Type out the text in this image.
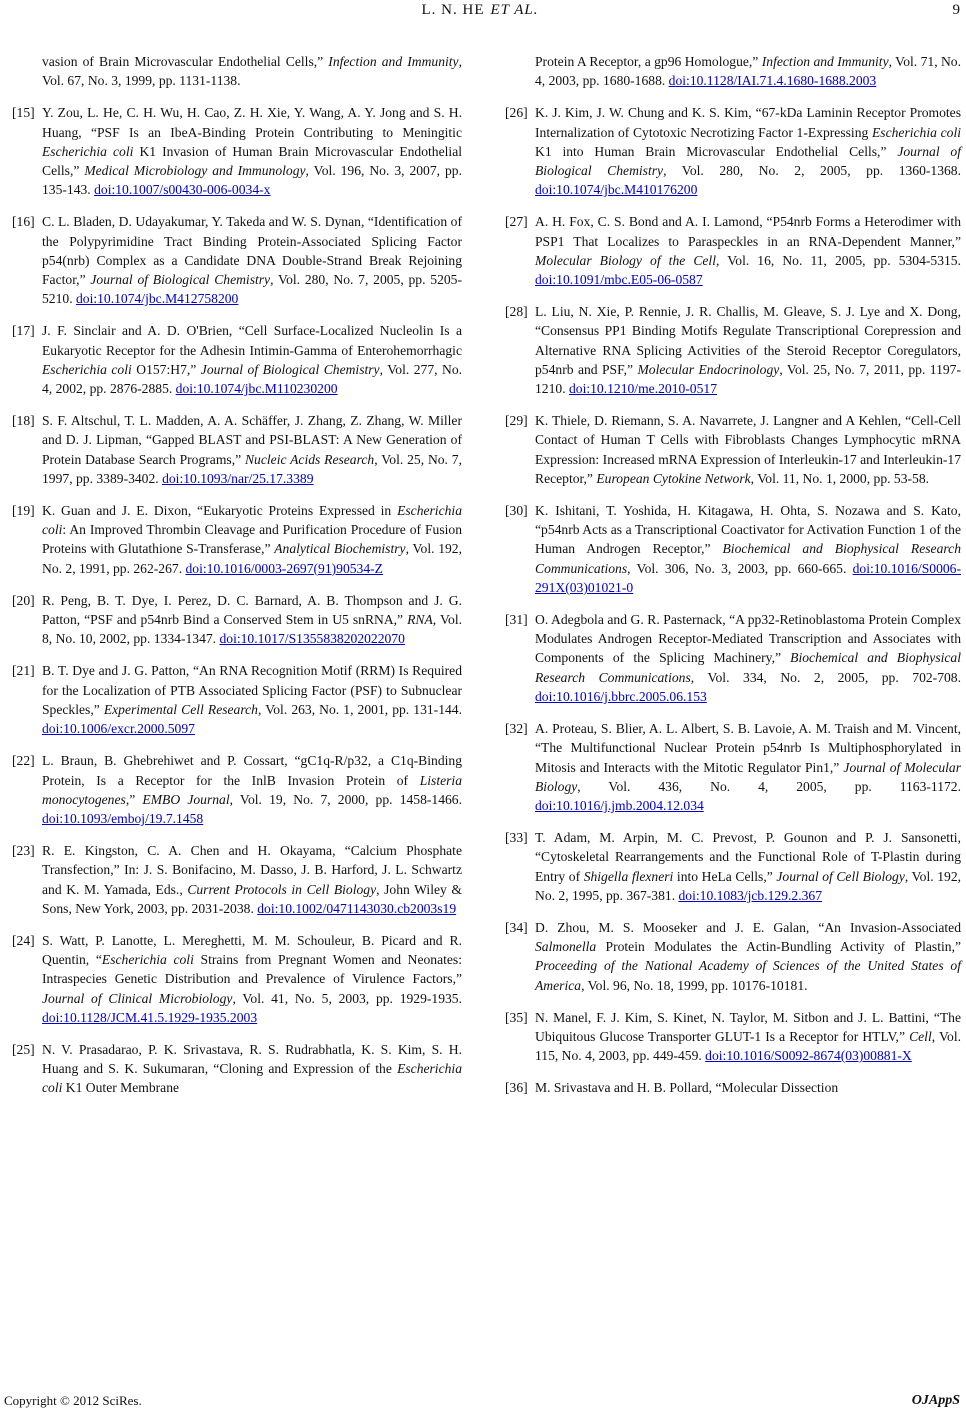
L. N. HE ET AL.	9
vasion of Brain Microvascular Endothelial Cells,” Infection and Immunity, Vol. 67, No. 3, 1999, pp. 1131-1138.
[15] Y. Zou, L. He, C. H. Wu, H. Cao, Z. H. Xie, Y. Wang, A. Y. Jong and S. H. Huang, “PSF Is an IbeA-Binding Protein Contributing to Meningitic Escherichia coli K1 Invasion of Human Brain Microvascular Endothelial Cells,” Medical Microbiology and Immunology, Vol. 196, No. 3, 2007, pp. 135-143. doi:10.1007/s00430-006-0034-x
[16] C. L. Bladen, D. Udayakumar, Y. Takeda and W. S. Dynan, “Identification of the Polypyrimidine Tract Binding Protein-Associated Splicing Factor p54(nrb) Complex as a Candidate DNA Double-Strand Break Rejoining Factor,” Journal of Biological Chemistry, Vol. 280, No. 7, 2005, pp. 5205-5210. doi:10.1074/jbc.M412758200
[17] J. F. Sinclair and A. D. O'Brien, “Cell Surface-Localized Nucleolin Is a Eukaryotic Receptor for the Adhesin Intimin-Gamma of Enterohemorrhagic Escherichia coli O157:H7,” Journal of Biological Chemistry, Vol. 277, No. 4, 2002, pp. 2876-2885. doi:10.1074/jbc.M110230200
[18] S. F. Altschul, T. L. Madden, A. A. Schäffer, J. Zhang, Z. Zhang, W. Miller and D. J. Lipman, “Gapped BLAST and PSI-BLAST: A New Generation of Protein Database Search Programs,” Nucleic Acids Research, Vol. 25, No. 7, 1997, pp. 3389-3402. doi:10.1093/nar/25.17.3389
[19] K. Guan and J. E. Dixon, “Eukaryotic Proteins Expressed in Escherichia coli: An Improved Thrombin Cleavage and Purification Procedure of Fusion Proteins with Glutathione S-Transferase,” Analytical Biochemistry, Vol. 192, No. 2, 1991, pp. 262-267. doi:10.1016/0003-2697(91)90534-Z
[20] R. Peng, B. T. Dye, I. Perez, D. C. Barnard, A. B. Thompson and J. G. Patton, “PSF and p54nrb Bind a Conserved Stem in U5 snRNA,” RNA, Vol. 8, No. 10, 2002, pp. 1334-1347. doi:10.1017/S1355838202022070
[21] B. T. Dye and J. G. Patton, “An RNA Recognition Motif (RRM) Is Required for the Localization of PTB Associated Splicing Factor (PSF) to Subnuclear Speckles,” Experimental Cell Research, Vol. 263, No. 1, 2001, pp. 131-144. doi:10.1006/excr.2000.5097
[22] L. Braun, B. Ghebrehiwet and P. Cossart, “gC1q-R/p32, a C1q-Binding Protein, Is a Receptor for the InlB Invasion Protein of Listeria monocytogenes,” EMBO Journal, Vol. 19, No. 7, 2000, pp. 1458-1466. doi:10.1093/emboj/19.7.1458
[23] R. E. Kingston, C. A. Chen and H. Okayama, “Calcium Phosphate Transfection,” In: J. S. Bonifacino, M. Dasso, J. B. Harford, J. L. Schwartz and K. M. Yamada, Eds., Current Protocols in Cell Biology, John Wiley & Sons, New York, 2003, pp. 2031-2038. doi:10.1002/0471143030.cb2003s19
[24] S. Watt, P. Lanotte, L. Mereghetti, M. M. Schouleur, B. Picard and R. Quentin, “Escherichia coli Strains from Pregnant Women and Neonates: Intraspecies Genetic Distribution and Prevalence of Virulence Factors,” Journal of Clinical Microbiology, Vol. 41, No. 5, 2003, pp. 1929-1935. doi:10.1128/JCM.41.5.1929-1935.2003
[25] N. V. Prasadarao, P. K. Srivastava, R. S. Rudrabhatla, K. S. Kim, S. H. Huang and S. K. Sukumaran, “Cloning and Expression of the Escherichia coli K1 Outer Membrane
Protein A Receptor, a gp96 Homologue,” Infection and Immunity, Vol. 71, No. 4, 2003, pp. 1680-1688. doi:10.1128/IAI.71.4.1680-1688.2003
[26] K. J. Kim, J. W. Chung and K. S. Kim, “67-kDa Laminin Receptor Promotes Internalization of Cytotoxic Necrotizing Factor 1-Expressing Escherichia coli K1 into Human Brain Microvascular Endothelial Cells,” Journal of Biological Chemistry, Vol. 280, No. 2, 2005, pp. 1360-1368. doi:10.1074/jbc.M410176200
[27] A. H. Fox, C. S. Bond and A. I. Lamond, “P54nrb Forms a Heterodimer with PSP1 That Localizes to Paraspeckles in an RNA-Dependent Manner,” Molecular Biology of the Cell, Vol. 16, No. 11, 2005, pp. 5304-5315. doi:10.1091/mbc.E05-06-0587
[28] L. Liu, N. Xie, P. Rennie, J. R. Challis, M. Gleave, S. J. Lye and X. Dong, “Consensus PP1 Binding Motifs Regulate Transcriptional Corepression and Alternative RNA Splicing Activities of the Steroid Receptor Coregulators, p54nrb and PSF,” Molecular Endocrinology, Vol. 25, No. 7, 2011, pp. 1197-1210. doi:10.1210/me.2010-0517
[29] K. Thiele, D. Riemann, S. A. Navarrete, J. Langner and A Kehlen, “Cell-Cell Contact of Human T Cells with Fibroblasts Changes Lymphocytic mRNA Expression: Increased mRNA Expression of Interleukin-17 and Interleukin-17 Receptor,” European Cytokine Network, Vol. 11, No. 1, 2000, pp. 53-58.
[30] K. Ishitani, T. Yoshida, H. Kitagawa, H. Ohta, S. Nozawa and S. Kato, “p54nrb Acts as a Transcriptional Coactivator for Activation Function 1 of the Human Androgen Receptor,” Biochemical and Biophysical Research Communications, Vol. 306, No. 3, 2003, pp. 660-665. doi:10.1016/S0006-291X(03)01021-0
[31] O. Adegbola and G. R. Pasternack, “A pp32-Retinoblastoma Protein Complex Modulates Androgen Receptor-Mediated Transcription and Associates with Components of the Splicing Machinery,” Biochemical and Biophysical Research Communications, Vol. 334, No. 2, 2005, pp. 702-708. doi:10.1016/j.bbrc.2005.06.153
[32] A. Proteau, S. Blier, A. L. Albert, S. B. Lavoie, A. M. Traish and M. Vincent, “The Multifunctional Nuclear Protein p54nrb Is Multiphosphorylated in Mitosis and Interacts with the Mitotic Regulator Pin1,” Journal of Molecular Biology, Vol. 436, No. 4, 2005, pp. 1163-1172. doi:10.1016/j.jmb.2004.12.034
[33] T. Adam, M. Arpin, M. C. Prevost, P. Gounon and P. J. Sansonetti, “Cytoskeletal Rearrangements and the Functional Role of T-Plastin during Entry of Shigella flexneri into HeLa Cells,” Journal of Cell Biology, Vol. 192, No. 2, 1995, pp. 367-381. doi:10.1083/jcb.129.2.367
[34] D. Zhou, M. S. Mooseker and J. E. Galan, “An Invasion-Associated Salmonella Protein Modulates the Actin-Bundling Activity of Plastin,” Proceeding of the National Academy of Sciences of the United States of America, Vol. 96, No. 18, 1999, pp. 10176-10181.
[35] N. Manel, F. J. Kim, S. Kinet, N. Taylor, M. Sitbon and J. L. Battini, “The Ubiquitous Glucose Transporter GLUT-1 Is a Receptor for HTLV,” Cell, Vol. 115, No. 4, 2003, pp. 449-459. doi:10.1016/S0092-8674(03)00881-X
[36] M. Srivastava and H. B. Pollard, “Molecular Dissection
Copyright © 2012 SciRes.	OJAppS
